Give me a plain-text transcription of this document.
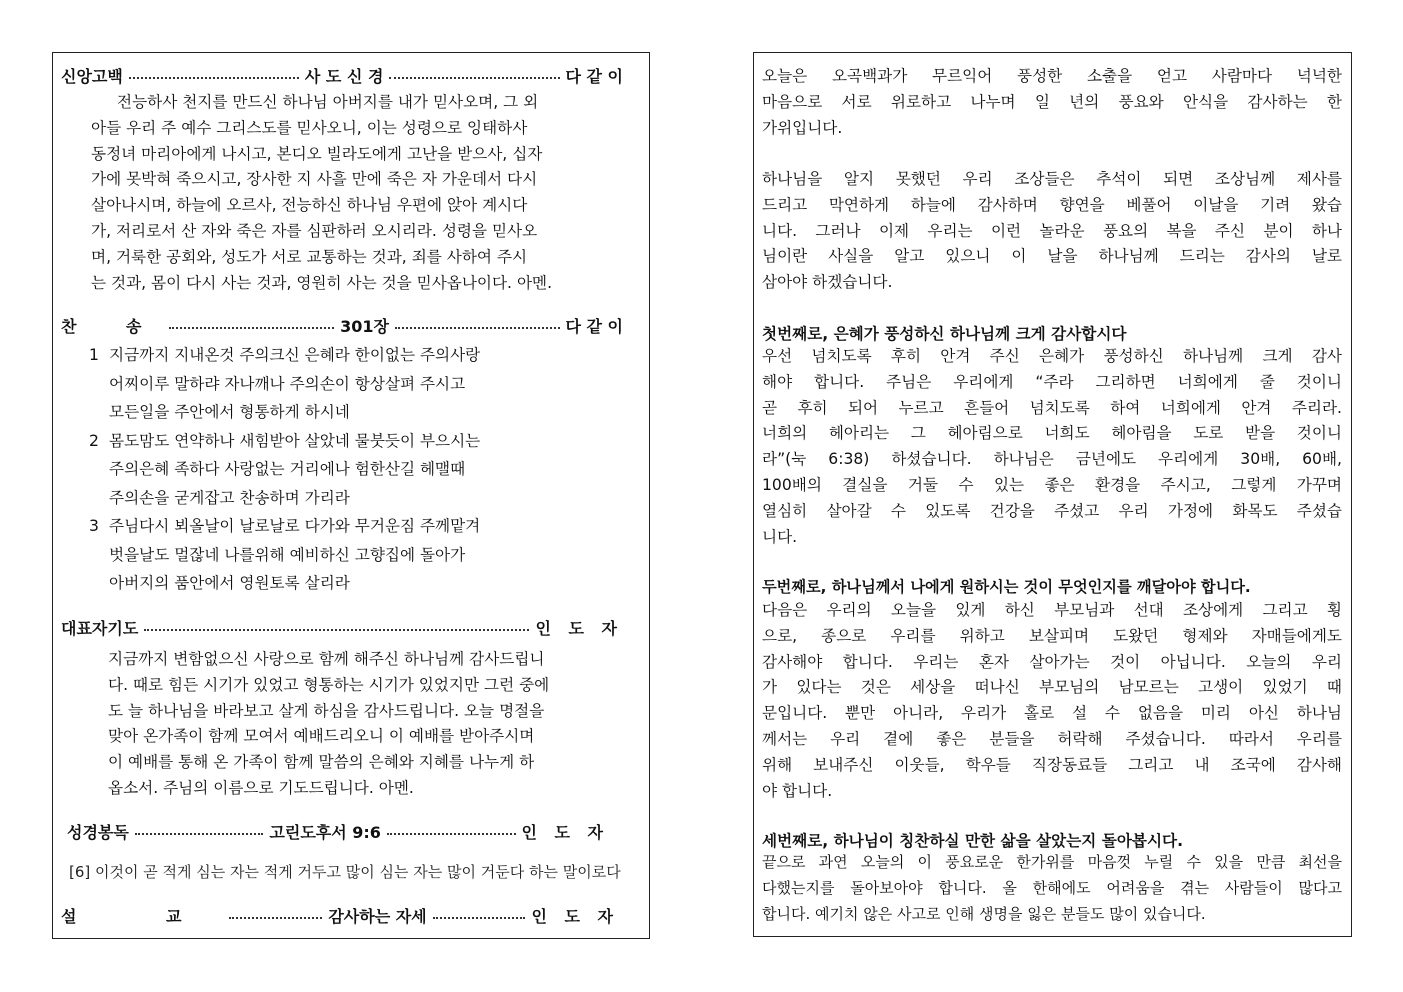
신앙고백	사 도 신 경	다 같 이
전능하사 천지를 만드신 하나님 아버지를 내가 믿사오며, 그 외
아들 우리 주 예수 그리스도를 믿사오니, 이는 성령으로 잉태하사
동정녀 마리아에게 나시고, 본디오 빌라도에게 고난을 받으사, 십자
가에 못박혀 죽으시고, 장사한 지 사흘 만에 죽은 자 가운데서 다시
살아나시며, 하늘에 오르사, 전능하신 하나님 우편에 앉아 계시다
가, 저리로서 산 자와 죽은 자를 심판하러 오시리라. 성령을 믿사오
며, 거룩한 공회와, 성도가 서로 교통하는 것과, 죄를 사하여 주시
는 것과, 몸이 다시 사는 것과, 영원히 사는 것을 믿사옵나이다. 아멘.
찬 송	301장	다 같 이
1 지금까지 지내온것 주의크신 은혜라 한이없는 주의사랑
어찌이루 말하랴 자나깨나 주의손이 항상살펴 주시고
모든일을 주안에서 형통하게 하시네
2 몸도맘도 연약하나 새힘받아 살았네 물붓듯이 부으시는
주의은혜 족하다 사랑없는 거리에나 험한산길 헤맬때
주의손을 굳게잡고 찬송하며 가리라
3 주님다시 뵈올날이 날로날로 다가와 무거운짐 주께맡겨
벗을날도 멀잖네 나를위해 예비하신 고향집에 돌아가
아버지의 품안에서 영원토록 살리라
대표자기도	인 도 자
지금까지 변함없으신 사랑으로 함께 해주신 하나님께 감사드립니
다. 때로 힘든 시기가 있었고 형통하는 시기가 있었지만 그런 중에
도 늘 하나님을 바라보고 살게 하심을 감사드립니다. 오늘 명절을
맞아 온가족이 함께 모여서 예배드리오니 이 예배를 받아주시며
이 예배를 통해 온 가족이 함께 말씀의 은혜와 지혜를 나누게 하
옵소서. 주님의 이름으로 기도드립니다. 아멘.
성경봉독	고린도후서 9:6	인 도 자
[6] 이것이 곧 적게 심는 자는 적게 거두고 많이 심는 자는 많이 거둔다 하는 말이로다
설 교	감사하는 자세	인 도 자
오늘은 오곡백과가 무르익어 풍성한 소출을 얻고 사람마다 넉넉한
마음으로 서로 위로하고 나누며 일 년의 풍요와 안식을 감사하는 한
가위입니다.
하나님을 알지 못했던 우리 조상들은 추석이 되면 조상님께 제사를
드리고 막연하게 하늘에 감사하며 향연을 베풀어 이날을 기려 왔습
니다. 그러나 이제 우리는 이런 놀라운 풍요의 복을 주신 분이 하나
님이란 사실을 알고 있으니 이 날을 하나님께 드리는 감사의 날로
삼아야 하겠습니다.
첫번째로, 은혜가 풍성하신 하나님께 크게 감사합시다
우선 넘치도록 후히 안겨 주신 은혜가 풍성하신 하나님께 크게 감사
해야 합니다. 주님은 우리에게 “주라 그리하면 너희에게 줄 것이니
곧 후히 되어 누르고 흔들어 넘치도록 하여 너희에게 안겨 주리라.
너희의 헤아리는 그 헤아림으로 너희도 헤아림을 도로 받을 것이니
라”(눅 6:38) 하셨습니다. 하나님은 금년에도 우리에게 30배, 60배,
100배의 결실을 거둘 수 있는 좋은 환경을 주시고, 그렇게 가꾸며
열심히 살아갈 수 있도록 건강을 주셨고 우리 가정에 화목도 주셨습
니다.
두번째로, 하나님께서 나에게 원하시는 것이 무엇인지를 깨달아야 합니다.
다음은 우리의 오늘을 있게 하신 부모님과 선대 조상에게 그리고 횡
으로, 종으로 우리를 위하고 보살피며 도왔던 형제와 자매들에게도
감사해야 합니다. 우리는 혼자 살아가는 것이 아닙니다. 오늘의 우리
가 있다는 것은 세상을 떠나신 부모님의 남모르는 고생이 있었기 때
문입니다. 뿐만 아니라, 우리가 홀로 설 수 없음을 미리 아신 하나님
께서는 우리 곁에 좋은 분들을 허락해 주셨습니다. 따라서 우리를
위해 보내주신 이웃들, 학우들 직장동료들 그리고 내 조국에 감사해
야 합니다.
세번째로, 하나님이 칭찬하실 만한 삶을 살았는지 돌아봅시다.
끝으로 과연 오늘의 이 풍요로운 한가위를 마음껏 누릴 수 있을 만큼 최선을
다했는지를 돌아보아야 합니다. 올 한해에도 어려움을 겪는 사람들이 많다고
합니다. 예기치 않은 사고로 인해 생명을 잃은 분들도 많이 있습니다.
